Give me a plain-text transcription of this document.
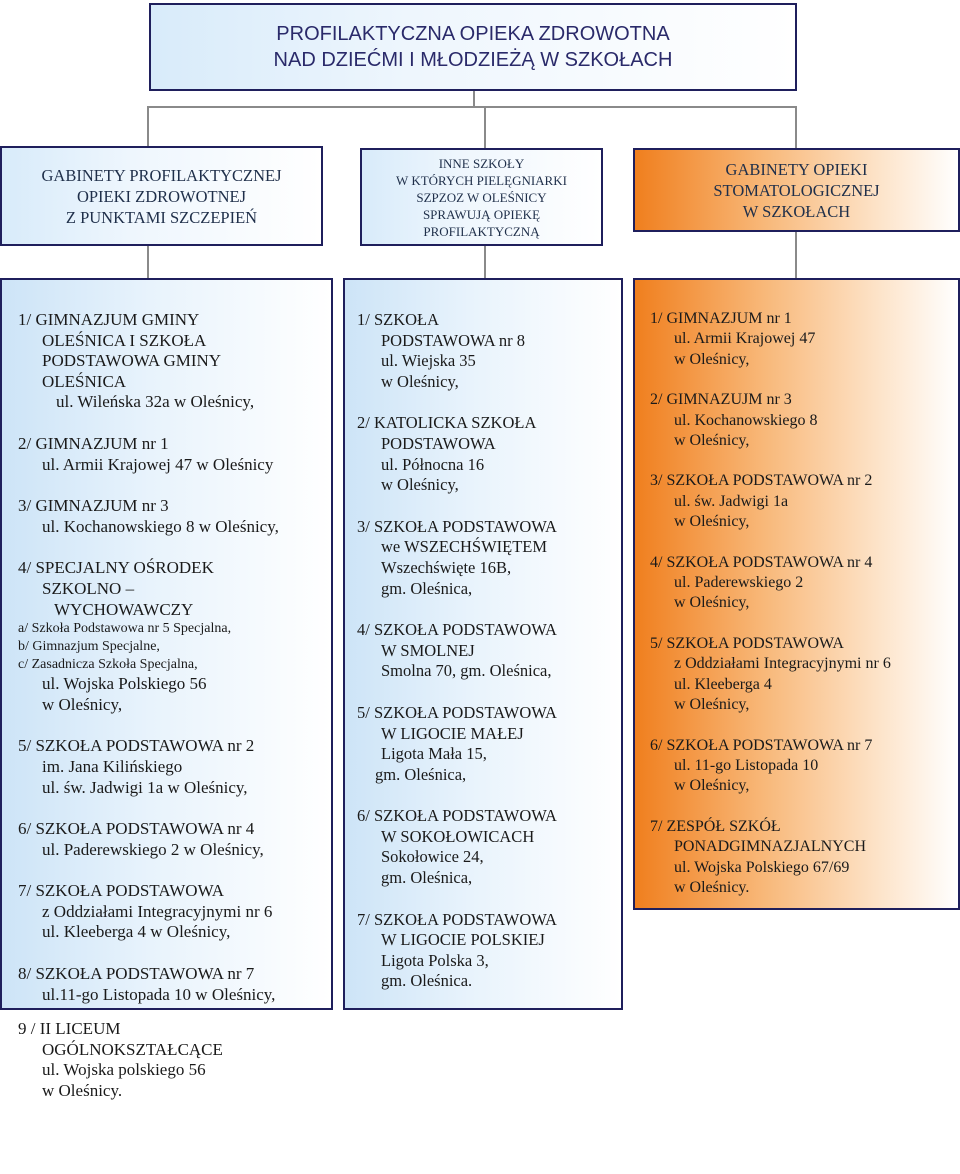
PROFILAKTYCZNA OPIEKA ZDROWOTNA
NAD DZIEĆMI I MŁODZIEŻĄ W SZKOŁACH
GABINETY PROFILAKTYCZNEJ
OPIEKI ZDROWOTNEJ
Z PUNKTAMI SZCZEPIEŃ
INNE SZKOŁY
W KTÓRYCH PIELĘGNIARKI
SZPZOZ W OLEŚNICY
SPRAWUJĄ OPIEKĘ
PROFILAKTYCZNĄ
GABINETY OPIEKI
STOMATOLOGICZNEJ
W SZKOŁACH
1/ GIMNAZJUM GMINY
OLEŚNICA I SZKOŁA
PODSTAWOWA GMINY
OLEŚNICA
ul. Wileńska 32a w Oleśnicy,
2/ GIMNAZJUM nr 1
ul. Armii Krajowej 47 w Oleśnicy
3/ GIMNAZJUM nr 3
ul. Kochanowskiego 8 w Oleśnicy,
4/ SPECJALNY OŚRODEK
SZKOLNO –
WYCHOWAWCZY
a/ Szkoła Podstawowa nr 5 Specjalna,
b/ Gimnazjum Specjalne,
c/ Zasadnicza Szkoła Specjalna,
ul. Wojska Polskiego 56
w Oleśnicy,
5/ SZKOŁA PODSTAWOWA nr 2
im. Jana Kilińskiego
ul. św. Jadwigi 1a w Oleśnicy,
6/ SZKOŁA PODSTAWOWA nr 4
ul. Paderewskiego 2 w Oleśnicy,
7/ SZKOŁA PODSTAWOWA
z Oddziałami Integracyjnymi nr 6
ul. Kleeberga 4 w Oleśnicy,
8/ SZKOŁA PODSTAWOWA nr 7
ul.11-go Listopada 10 w Oleśnicy,
9 / II LICEUM
OGÓLNOKSZTAŁCĄCE
ul. Wojska polskiego 56
w Oleśnicy.
1/ SZKOŁA
PODSTAWOWA nr 8
ul. Wiejska 35
w Oleśnicy,
2/ KATOLICKA SZKOŁA
PODSTAWOWA
ul. Północna 16
w Oleśnicy,
3/ SZKOŁA PODSTAWOWA
we WSZECHŚWIĘTEM
Wszechświęte 16B,
gm. Oleśnica,
4/ SZKOŁA PODSTAWOWA
W SMOLNEJ
Smolna 70, gm. Oleśnica,
5/ SZKOŁA PODSTAWOWA
W LIGOCIE MAŁEJ
Ligota Mała 15,
gm. Oleśnica,
6/ SZKOŁA PODSTAWOWA
W SOKOŁOWICACH
Sokołowice 24,
gm. Oleśnica,
7/ SZKOŁA PODSTAWOWA
W LIGOCIE POLSKIEJ
Ligota Polska 3,
gm. Oleśnica.
1/ GIMNAZJUM nr 1
ul. Armii Krajowej 47
w Oleśnicy,
2/ GIMNAZUJM nr 3
ul. Kochanowskiego 8
w Oleśnicy,
3/ SZKOŁA PODSTAWOWA nr 2
ul. św. Jadwigi 1a
w Oleśnicy,
4/ SZKOŁA PODSTAWOWA nr 4
ul. Paderewskiego 2
w Oleśnicy,
5/ SZKOŁA PODSTAWOWA
z Oddziałami Integracyjnymi nr 6
ul. Kleeberga 4
w Oleśnicy,
6/ SZKOŁA PODSTAWOWA nr 7
ul. 11-go Listopada 10
w Oleśnicy,
7/ ZESPÓŁ SZKÓŁ
PONADGIMNAZJALNYCH
ul. Wojska Polskiego 67/69
w Oleśnicy.
